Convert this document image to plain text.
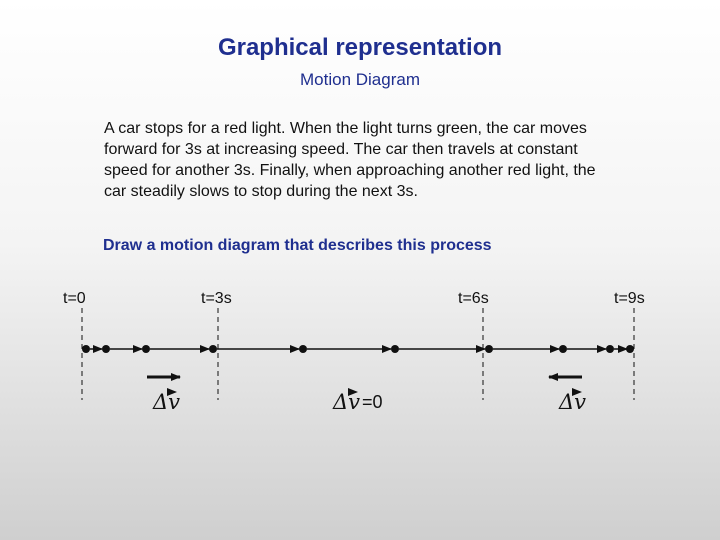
Graphical representation
Motion Diagram
A car stops for a red light. When the light turns green, the car moves forward for 3s at increasing speed. The car then travels at constant speed for another 3s. Finally, when approaching another red light, the car steadily slows to stop during the next 3s.
Draw a motion diagram that describes this process
t=0	t=3s	t=6s	t=9s
Δv	Δv =0	Δv
